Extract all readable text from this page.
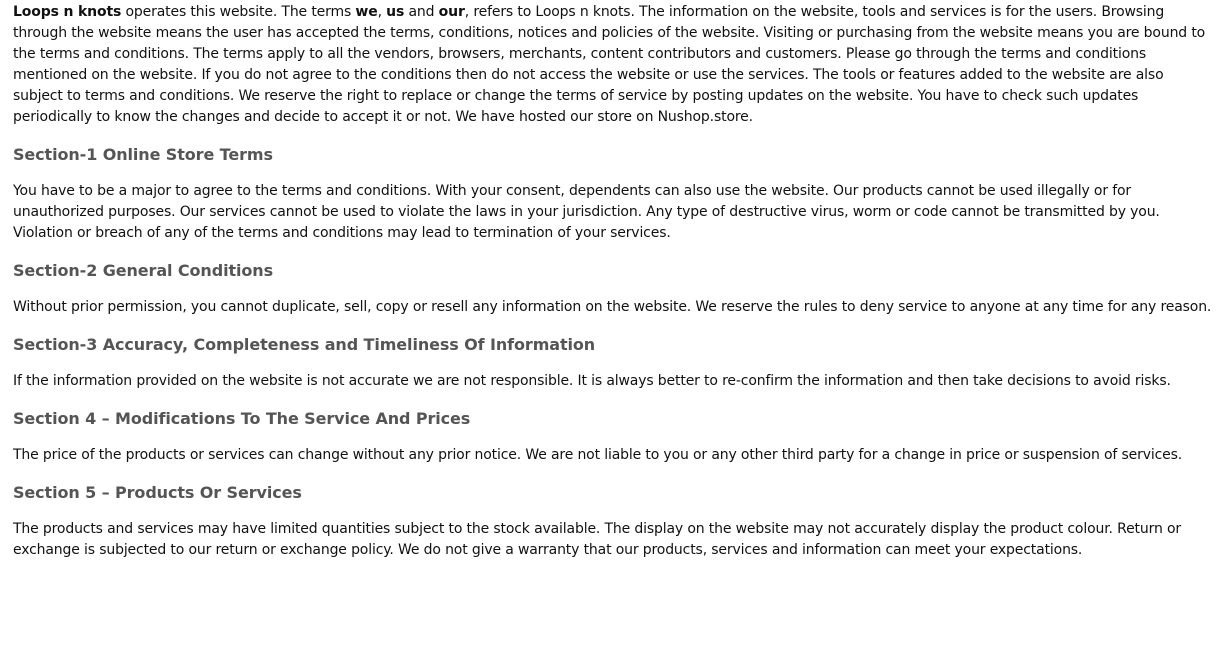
Loops n knots operates this website. The terms we, us and our, refers to Loops n knots. The information on the website, tools and services is for the users. Browsing through the website means the user has accepted the terms, conditions, notices and policies of the website. Visiting or purchasing from the website means you are bound to the terms and conditions. The terms apply to all the vendors, browsers, merchants, content contributors and customers. Please go through the terms and conditions mentioned on the website. If you do not agree to the conditions then do not access the website or use the services. The tools or features added to the website are also subject to terms and conditions. We reserve the right to replace or change the terms of service by posting updates on the website. You have to check such updates periodically to know the changes and decide to accept it or not. We have hosted our store on Nushop.store.

Section-1 Online Store Terms

You have to be a major to agree to the terms and conditions. With your consent, dependents can also use the website. Our products cannot be used illegally or for unauthorized purposes. Our services cannot be used to violate the laws in your jurisdiction. Any type of destructive virus, worm or code cannot be transmitted by you. Violation or breach of any of the terms and conditions may lead to termination of your services.

Section-2 General Conditions

Without prior permission, you cannot duplicate, sell, copy or resell any information on the website. We reserve the rules to deny service to anyone at any time for any reason.

Section-3 Accuracy, Completeness and Timeliness Of Information

If the information provided on the website is not accurate we are not responsible. It is always better to re-confirm the information and then take decisions to avoid risks.

Section 4 – Modifications To The Service And Prices

The price of the products or services can change without any prior notice. We are not liable to you or any other third party for a change in price or suspension of services.

Section 5 – Products Or Services

The products and services may have limited quantities subject to the stock available. The display on the website may not accurately display the product colour. Return or exchange is subjected to our return or exchange policy. We do not give a warranty that our products, services and information can meet your expectations.
